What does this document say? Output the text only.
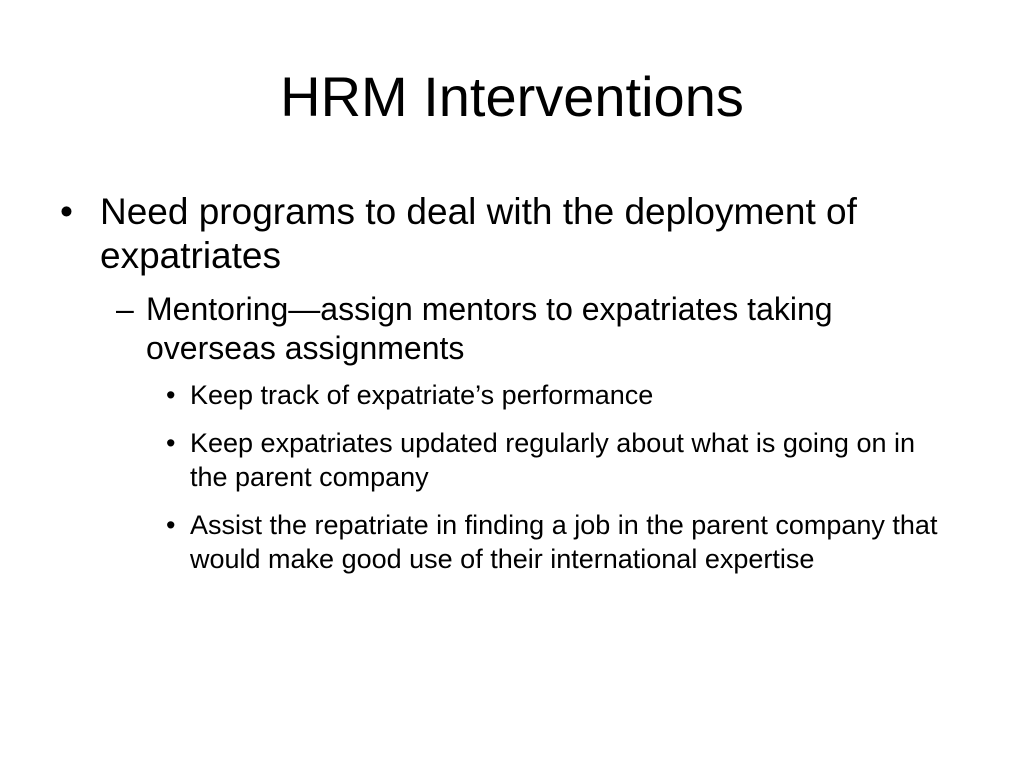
HRM Interventions
• Need programs to deal with the deployment of expatriates
– Mentoring—assign mentors to expatriates taking overseas assignments
• Keep track of expatriate’s performance
• Keep expatriates updated regularly about what is going on in the parent company
• Assist the repatriate in finding a job in the parent company that would make good use of their international expertise
